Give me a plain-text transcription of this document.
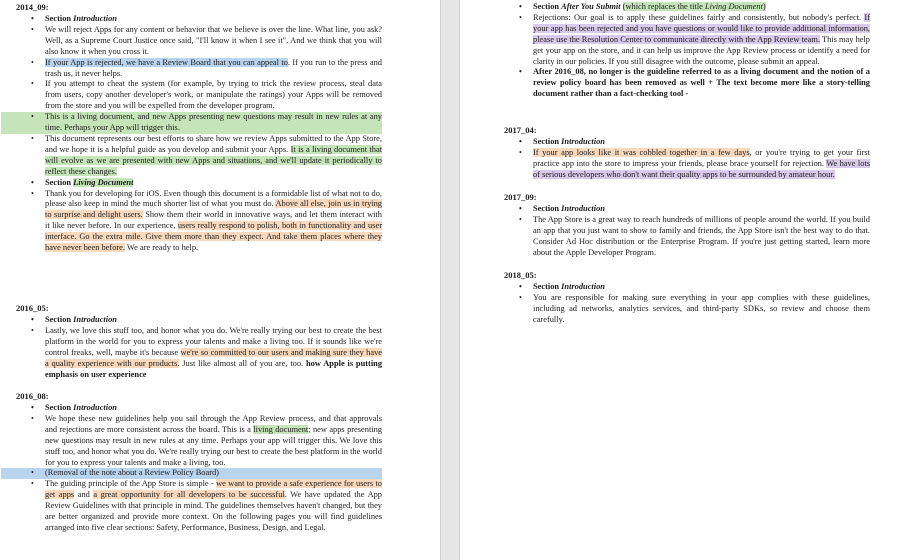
2014_09:
• Section Introduction
• We will reject Apps for any content or behavior that we believe is over the line. What line, you ask? Well, as a Supreme Court Justice once said, "I'll know it when I see it". And we think that you will also know it when you cross it.
• If your App is rejected, we have a Review Board that you can appeal to. If you run to the press and trash us, it never helps.
• If you attempt to cheat the system (for example, by trying to trick the review process, steal data from users, copy another developer's work, or manipulate the ratings) your Apps will be removed from the store and you will be expelled from the developer program.
• This is a living document, and new Apps presenting new questions may result in new rules at any time. Perhaps your App will trigger this.
• This document represents our best efforts to share how we review Apps submitted to the App Store, and we hope it is a helpful guide as you develop and submit your Apps. It is a living document that will evolve as we are presented with new Apps and situations, and we'll update it periodically to reflect these changes.
• Section Living Document
• Thank you for developing for iOS. Even though this document is a formidable list of what not to do, please also keep in mind the much shorter list of what you must do. Above all else, join us in trying to surprise and delight users. Show them their world in innovative ways, and let them interact with it like never before. In our experience, users really respond to polish, both in functionality and user interface. Go the extra mile. Give them more than they expect. And take them places where they have never been before. We are ready to help.
2016_05:
• Section Introduction
• Lastly, we love this stuff too, and honor what you do. We're really trying our best to create the best platform in the world for you to express your talents and make a living too. If it sounds like we're control freaks, well, maybe it's because we're so committed to our users and making sure they have a quality experience with our products. Just like almost all of you are, too. how Apple is putting emphasis on user experience
2016_08:
• Section Introduction
• We hope these new guidelines help you sail through the App Review process, and that approvals and rejections are more consistent across the board. This is a living document; new apps presenting new questions may result in new rules at any time. Perhaps your app will trigger this. We love this stuff too, and honor what you do. We're really trying our best to create the best platform in the world for you to express your talents and make a living, too.
• (Removal of the note about a Review Policy Board)
• The guiding principle of the App Store is simple - we want to provide a safe experience for users to get apps and a great opportunity for all developers to be successful. We have updated the App Review Guidelines with that principle in mind. The guidelines themselves haven't changed, but they are better organized and provide more context. On the following pages you will find guidelines arranged into five clear sections: Safety, Performance, Business, Design, and Legal.
• Section After You Submit (which replaces the title Living Document)
• Rejections: Our goal is to apply these guidelines fairly and consistently, but nobody's perfect. If your app has been rejected and you have questions or would like to provide additional information, please use the Resolution Center to communicate directly with the App Review team. This may help get your app on the store, and it can help us improve the App Review process or identify a need for clarity in our policies. If you still disagree with the outcome, please submit an appeal.
• After 2016_08, no longer is the guideline referred to as a living document and the notion of a review policy board has been removed as well + The text become more like a story-telling document rather than a fact-checking tool -
2017_04:
• Section Introduction
• If your app looks like it was cobbled together in a few days, or you're trying to get your first practice app into the store to impress your friends, please brace yourself for rejection. We have lots of serious developers who don't want their quality apps to be surrounded by amateur hour.
2017_09:
• Section Introduction
• The App Store is a great way to reach hundreds of millions of people around the world. If you build an app that you just want to show to family and friends, the App Store isn't the best way to do that. Consider Ad Hoc distribution or the Enterprise Program. If you're just getting started, learn more about the Apple Developer Program.
2018_05:
• Section Introduction
• You are responsible for making sure everything in your app complies with these guidelines, including ad networks, analytics services, and third-party SDKs, so review and choose them carefully.
